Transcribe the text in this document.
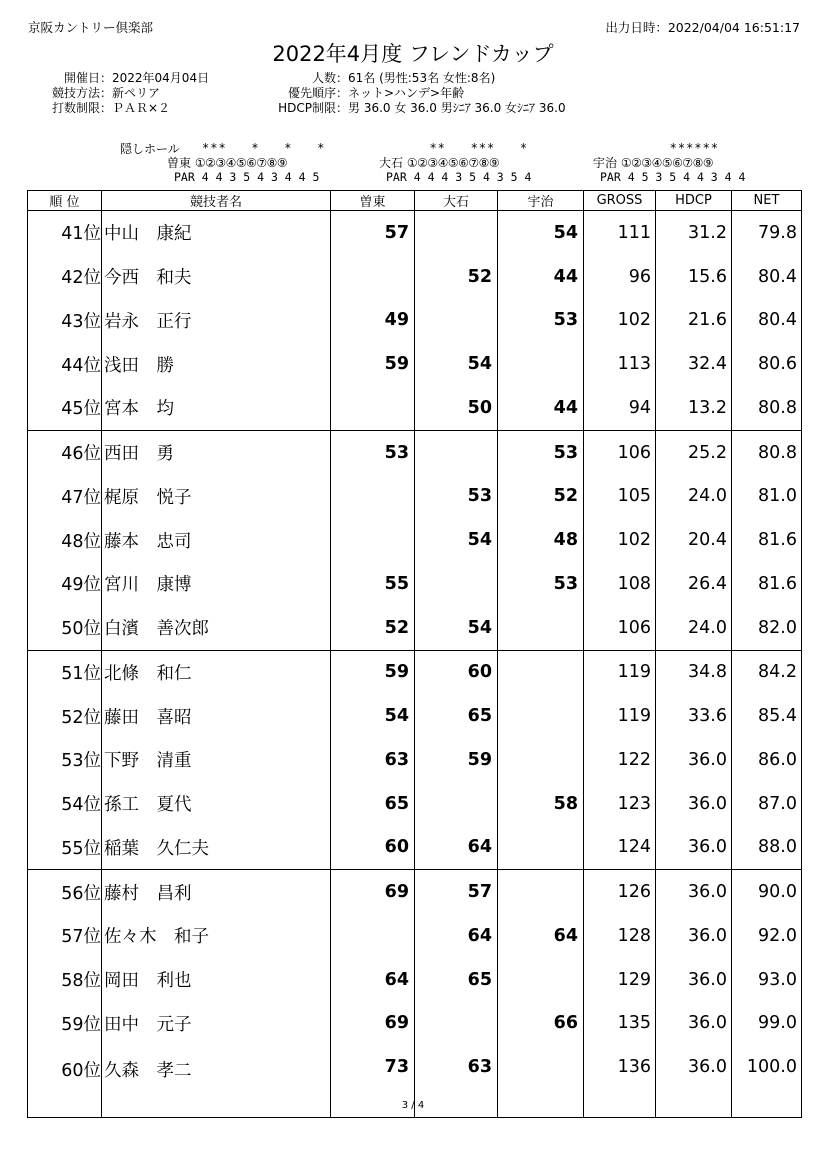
京阪カントリー倶楽部	出力日時：2022/04/04 16:51:17
2022年4月度 フレンドカップ
開催日：2022年04月04日
競技方法：新ペリア
打数制限：ＰＡＲ×２
人数：61名 (男性:53名 女性:8名)
優先順序：ネット>ハンデ>年齢
HDCP制限：男 36.0 女 36.0 男ｼﾆｱ 36.0 女ｼﾆｱ 36.0
隠しホール ***   *   *   *
曽東 ①②③④⑤⑥⑦⑧⑨
PAR 4 4 3 5 4 3 4 4 5
**   ***   *
大石 ①②③④⑤⑥⑦⑧⑨
PAR 4 4 4 3 5 4 3 5 4
******
宇治 ①②③④⑤⑥⑦⑧⑨
PAR 4 5 3 5 4 4 3 4 4
順 位	競技者名	曽東	大石	宇治	GROSS	HDCP	NET
41位	中山　康紀	57		54	111	31.2	79.8
42位	今西　和夫		52	44	96	15.6	80.4
43位	岩永　正行	49		53	102	21.6	80.4
44位	浅田　勝	59	54		113	32.4	80.6
45位	宮本　均		50	44	94	13.2	80.8
46位	西田　勇	53		53	106	25.2	80.8
47位	梶原　悦子		53	52	105	24.0	81.0
48位	藤本　忠司		54	48	102	20.4	81.6
49位	宮川　康博	55		53	108	26.4	81.6
50位	白濱　善次郎	52	54		106	24.0	82.0
51位	北條　和仁	59	60		119	34.8	84.2
52位	藤田　喜昭	54	65		119	33.6	85.4
53位	下野　清重	63	59		122	36.0	86.0
54位	孫工　夏代	65		58	123	36.0	87.0
55位	稲葉　久仁夫	60	64		124	36.0	88.0
56位	藤村　昌利	69	57		126	36.0	90.0
57位	佐々木　和子		64	64	128	36.0	92.0
58位	岡田　利也	64	65		129	36.0	93.0
59位	田中　元子	69		66	135	36.0	99.0
60位	久森　孝二	73	63		136	36.0	100.0
3 / 4
